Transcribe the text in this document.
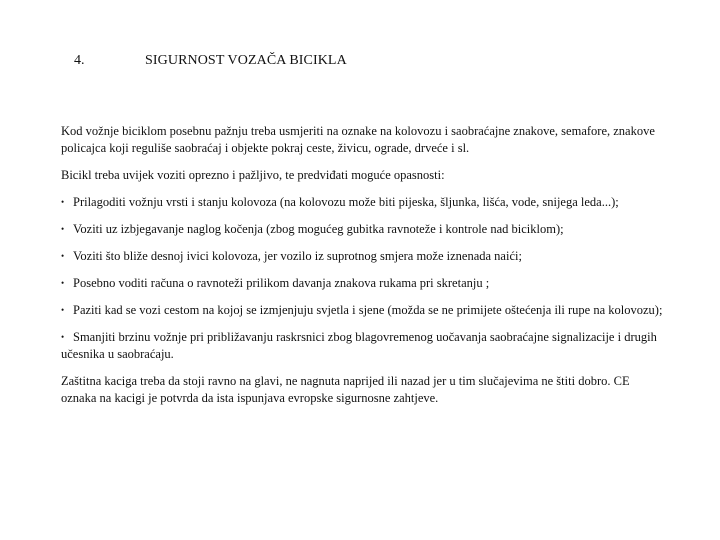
4.	SIGURNOST VOZAČA BICIKLA

Kod vožnje biciklom posebnu pažnju treba usmjeriti na oznake na kolovozu i saobraćajne znakove, semafore, znakove policajca koji reguliše saobraćaj i objekte pokraj ceste, živicu, ograde, drveće i sl.

Bicikl treba uvijek voziti oprezno i pažljivo, te predviđati moguće opasnosti:

• Prilagoditi vožnju vrsti i stanju kolovoza (na kolovozu može biti pijeska, šljunka, lišća, vode, snijega leda...);
• Voziti uz izbjegavanje naglog kočenja (zbog mogućeg gubitka ravnoteže i kontrole nad biciklom);
• Voziti što bliže desnoj ivici kolovoza, jer vozilo iz suprotnog smjera može iznenada naići;
• Posebno voditi računa o ravnoteži prilikom davanja znakova rukama pri skretanju ;
• Paziti kad se vozi cestom na kojoj se izmjenjuju svjetla i sjene (možda se ne primijete oštećenja ili rupe na kolovozu);
• Smanjiti brzinu vožnje pri približavanju raskrsnici zbog blagovremenog uočavanja saobraćajne signalizacije i drugih učesnika u saobraćaju.

Zaštitna kaciga treba da stoji ravno na glavi, ne nagnuta naprijed ili nazad jer u tim slučajevima ne štiti dobro. CE oznaka na kacigi je potvrda da ista ispunjava evropske sigurnosne zahtjeve.
